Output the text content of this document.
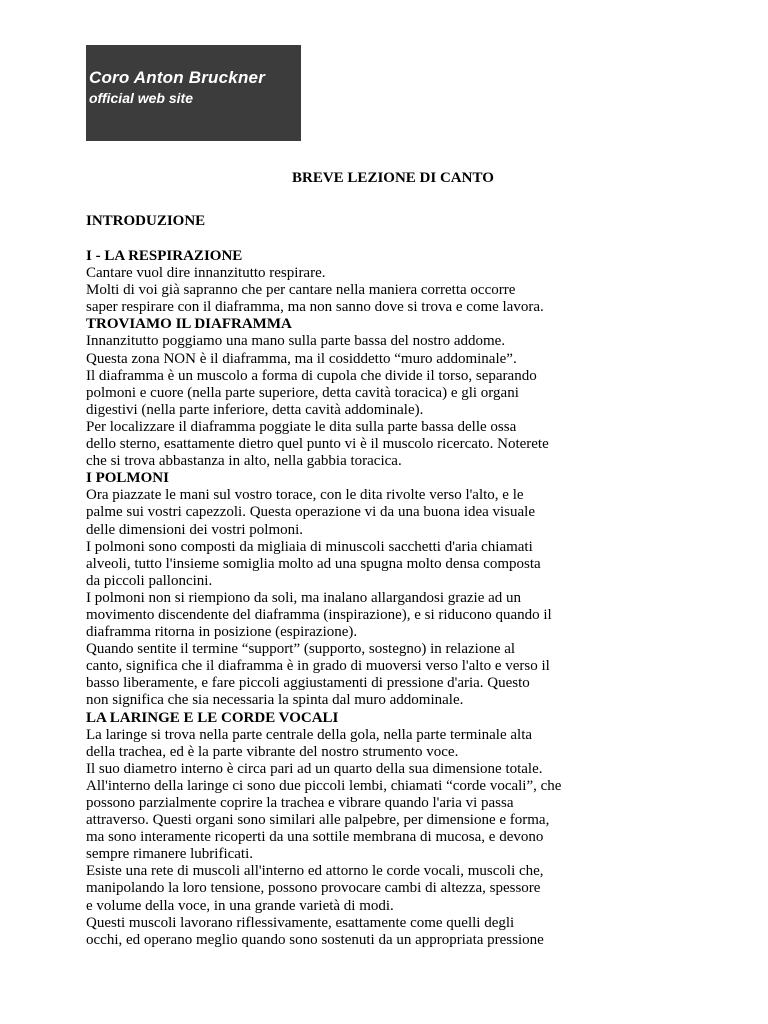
Coro Anton Bruckner
official web site
BREVE LEZIONE DI CANTO
INTRODUZIONE
I - LA RESPIRAZIONE
Cantare vuol dire innanzitutto respirare.
Molti di voi già sapranno che per cantare nella maniera corretta occorre
saper respirare con il diaframma, ma non sanno dove si trova e come lavora.
TROVIAMO IL DIAFRAMMA
Innanzitutto poggiamo una mano sulla parte bassa del nostro addome.
Questa zona NON è il diaframma, ma il cosiddetto “muro addominale”.
Il diaframma è un muscolo a forma di cupola che divide il torso, separando
polmoni e cuore (nella parte superiore, detta cavità toracica) e gli organi
digestivi (nella parte inferiore, detta cavità addominale).
Per localizzare il diaframma poggiate le dita sulla parte bassa delle ossa
dello sterno, esattamente dietro quel punto vi è il muscolo ricercato. Noterete
che si trova abbastanza in alto, nella gabbia toracica.
I POLMONI
Ora piazzate le mani sul vostro torace, con le dita rivolte verso l'alto, e le
palme sui vostri capezzoli. Questa operazione vi da una buona idea visuale
delle dimensioni dei vostri polmoni.
I polmoni sono composti da migliaia di minuscoli sacchetti d'aria chiamati
alveoli, tutto l'insieme somiglia molto ad una spugna molto densa composta
da piccoli palloncini.
I polmoni non si riempiono da soli, ma inalano allargandosi grazie ad un
movimento discendente del diaframma (inspirazione), e si riducono quando il
diaframma ritorna in posizione (espirazione).
Quando sentite il termine “support” (supporto, sostegno) in relazione al
canto, significa che il diaframma è in grado di muoversi verso l'alto e verso il
basso liberamente, e fare piccoli aggiustamenti di pressione d'aria. Questo
non significa che sia necessaria la spinta dal muro addominale.
LA LARINGE E LE CORDE VOCALI
La laringe si trova nella parte centrale della gola, nella parte terminale alta
della trachea, ed è la parte vibrante del nostro strumento voce.
Il suo diametro interno è circa pari ad un quarto della sua dimensione totale.
All'interno della laringe ci sono due piccoli lembi, chiamati “corde vocali”, che
possono parzialmente coprire la trachea e vibrare quando l'aria vi passa
attraverso. Questi organi sono similari alle palpebre, per dimensione e forma,
ma sono interamente ricoperti da una sottile membrana di mucosa, e devono
sempre rimanere lubrificati.
Esiste una rete di muscoli all'interno ed attorno le corde vocali, muscoli che,
manipolando la loro tensione, possono provocare cambi di altezza, spessore
e volume della voce, in una grande varietà di modi.
Questi muscoli lavorano riflessivamente, esattamente come quelli degli
occhi, ed operano meglio quando sono sostenuti da un appropriata pressione
